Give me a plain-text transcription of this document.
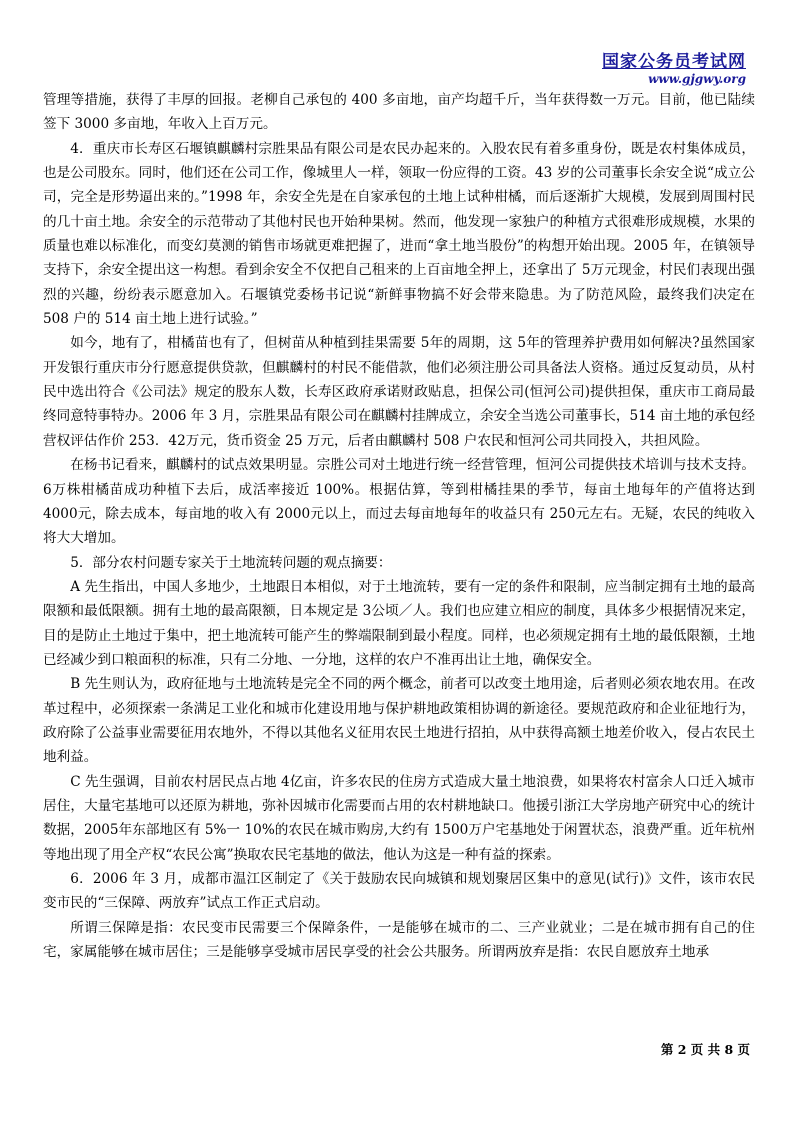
国家公务员考试网
www.gjgwy.org

管理等措施，获得了丰厚的回报。老柳自己承包的 400 多亩地，亩产均超千斤，当年获得数一万元。目前，他已陆续签下 3000 多亩地，年收入上百万元。

4．重庆市长寿区石堰镇麒麟村宗胜果品有限公司是农民办起来的。入股农民有着多重身份，既是农村集体成员，也是公司股东。同时，他们还在公司工作，像城里人一样，领取一份应得的工资。43 岁的公司董事长余安全说“成立公司，完全是形势逼出来的。”1998 年，余安全先是在自家承包的土地上试种柑橘，而后逐渐扩大规模，发展到周围村民的几十亩土地。余安全的示范带动了其他村民也开始种果树。然而，他发现一家独户的种植方式很难形成规模，水果的质量也难以标准化，而变幻莫测的销售市场就更难把握了，进而“拿土地当股份”的构想开始出现。2005 年，在镇领导支持下，余安全提出这一构想。看到余安全不仅把自己租来的上百亩地全押上，还拿出了 5万元现金，村民们表现出强烈的兴趣，纷纷表示愿意加入。石堰镇党委杨书记说“新鲜事物搞不好会带来隐患。为了防范风险，最终我们决定在 508 户的 514 亩土地上进行试验。”

如今，地有了，柑橘苗也有了，但树苗从种植到挂果需要 5年的周期，这 5年的管理养护费用如何解决?虽然国家开发银行重庆市分行愿意提供贷款，但麒麟村的村民不能借款，他们必须注册公司具备法人资格。通过反复动员，从村民中选出符合《公司法》规定的股东人数，长寿区政府承诺财政贴息，担保公司(恒河公司)提供担保，重庆市工商局最终同意特事特办。2006 年 3 月，宗胜果品有限公司在麒麟村挂牌成立，余安全当选公司董事长，514 亩土地的承包经营权评估作价 253．42万元，货币资金 25 万元，后者由麒麟村 508 户农民和恒河公司共同投入，共担风险。

在杨书记看来，麒麟村的试点效果明显。宗胜公司对土地进行统一经营管理，恒河公司提供技术培训与技术支持。6万株柑橘苗成功种植下去后，成活率接近 100%。根据估算，等到柑橘挂果的季节，每亩土地每年的产值将达到 4000元，除去成本，每亩地的收入有 2000元以上，而过去每亩地每年的收益只有 250元左右。无疑，农民的纯收入将大大增加。

5．部分农村问题专家关于土地流转问题的观点摘要：

A 先生指出，中国人多地少，土地跟日本相似，对于土地流转，要有一定的条件和限制，应当制定拥有土地的最高限额和最低限额。拥有土地的最高限额，日本规定是 3公顷／人。我们也应建立相应的制度，具体多少根据情况来定，目的是防止土地过于集中，把土地流转可能产生的弊端限制到最小程度。同样，也必须规定拥有土地的最低限额，土地已经减少到口粮面积的标准，只有二分地、一分地，这样的农户不准再出让土地，确保安全。

B 先生则认为，政府征地与土地流转是完全不同的两个概念，前者可以改变土地用途，后者则必须农地农用。在改革过程中，必须探索一条满足工业化和城市化建设用地与保护耕地政策相协调的新途径。要规范政府和企业征地行为，政府除了公益事业需要征用农地外，不得以其他名义征用农民土地进行招拍，从中获得高额土地差价收入，侵占农民土地利益。

C 先生强调，目前农村居民点占地 4亿亩，许多农民的住房方式造成大量土地浪费，如果将农村富余人口迁入城市居住，大量宅基地可以还原为耕地，弥补因城市化需要而占用的农村耕地缺口。他援引浙江大学房地产研究中心的统计数据，2005年东部地区有 5%一 10%的农民在城市购房,大约有 1500万户宅基地处于闲置状态，浪费严重。近年杭州等地出现了用全产权“农民公寓”换取农民宅基地的做法，他认为这是一种有益的探索。

6．2006 年 3 月，成都市温江区制定了《关于鼓励农民向城镇和规划聚居区集中的意见(试行)》文件，该市农民变市民的“三保障、两放弃”试点工作正式启动。

所谓三保障是指：农民变市民需要三个保障条件，一是能够在城市的二、三产业就业；二是在城市拥有自己的住宅，家属能够在城市居住；三是能够享受城市居民享受的社会公共服务。所谓两放弃是指：农民自愿放弃土地承

第 2 页 共 8 页
